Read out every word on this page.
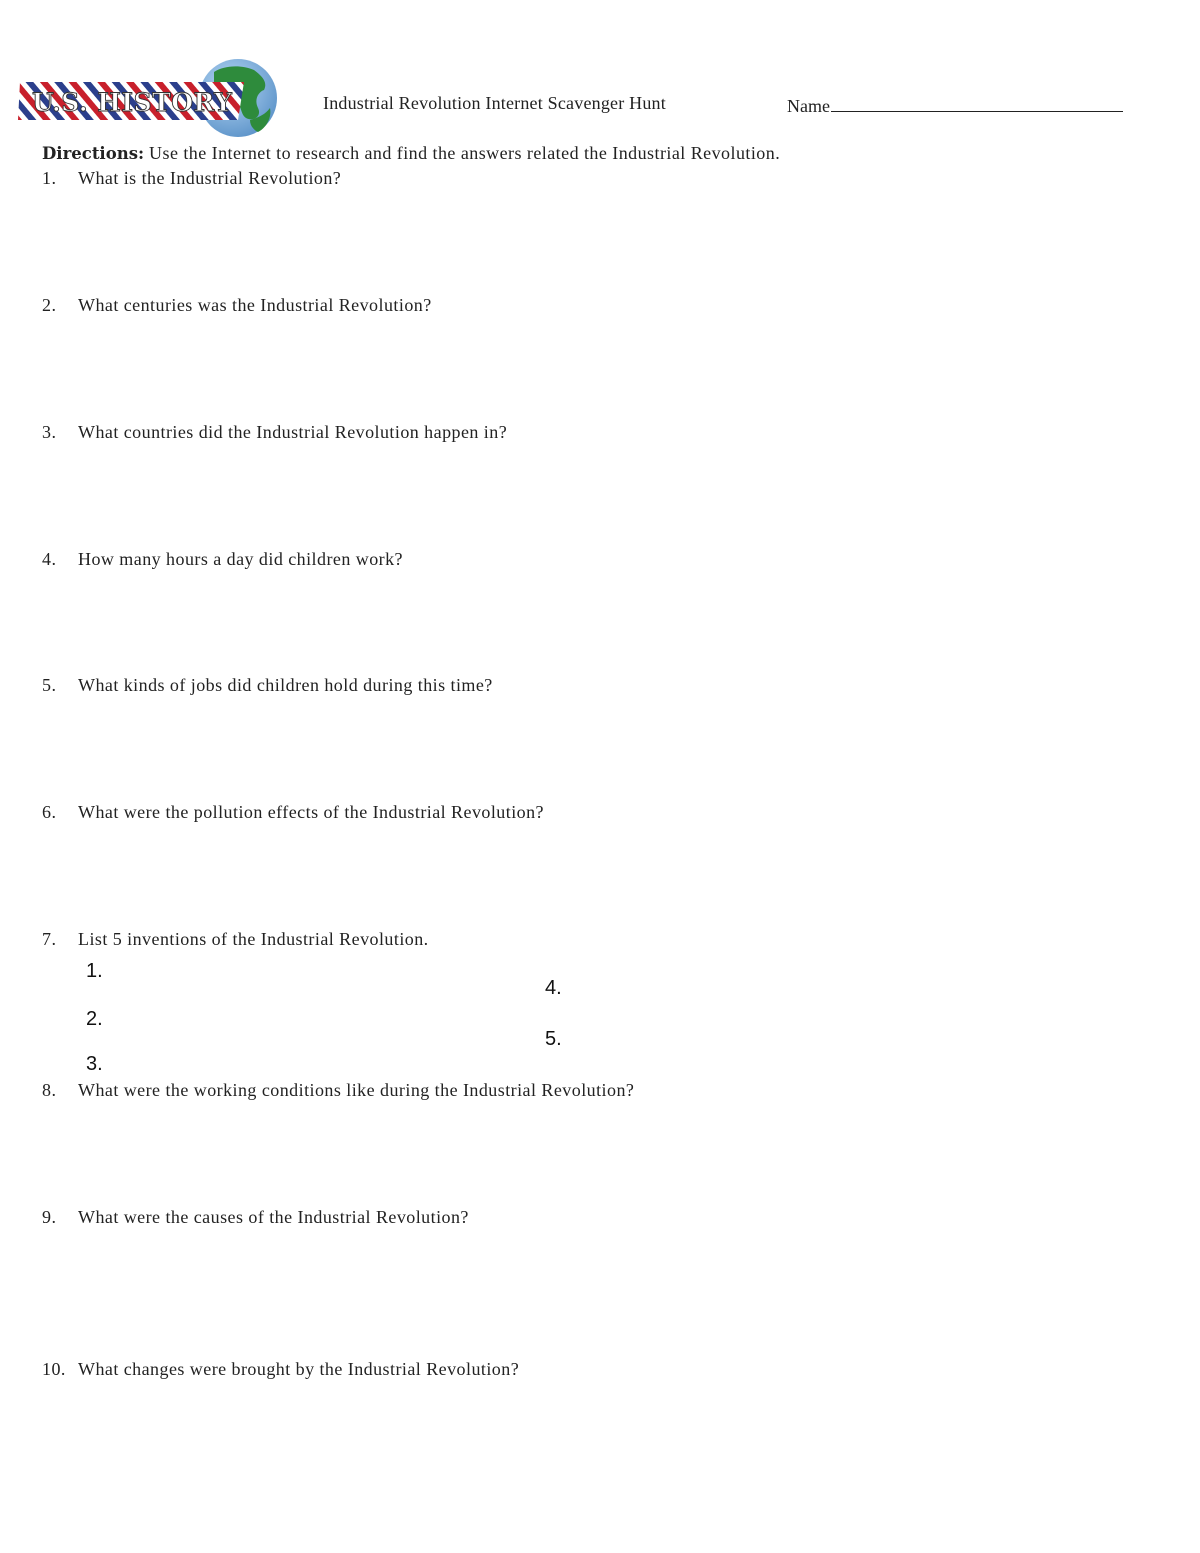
U.S. HISTORY	Industrial Revolution Internet Scavenger Hunt	Name
Directions: Use the Internet to research and find the answers related the Industrial Revolution.
1. What is the Industrial Revolution?
2. What centuries was the Industrial Revolution?
3. What countries did the Industrial Revolution happen in?
4. How many hours a day did children work?
5. What kinds of jobs did children hold during this time?
6. What were the pollution effects of the Industrial Revolution?
7. List 5 inventions of the Industrial Revolution.
1.
2.
3.
4.
5.
8. What were the working conditions like during the Industrial Revolution?
9. What were the causes of the Industrial Revolution?
10. What changes were brought by the Industrial Revolution?
